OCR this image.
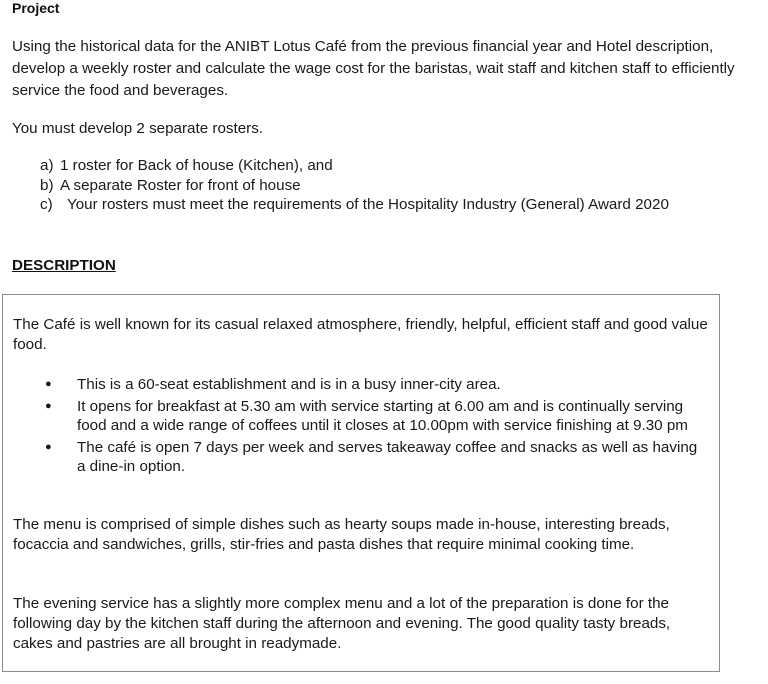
Project

Using the historical data for the ANIBT Lotus Café from the previous financial year and Hotel description, develop a weekly roster and calculate the wage cost for the baristas, wait staff and kitchen staff to efficiently service the food and beverages.

You must develop 2 separate rosters.

a) 1 roster for Back of house (Kitchen), and
b) A separate Roster for front of house
c) Your rosters must meet the requirements of the Hospitality Industry (General) Award 2020
DESCRIPTION

The Café is well known for its casual relaxed atmosphere, friendly, helpful, efficient staff and good value food.

●	This is a 60-seat establishment and is in a busy inner-city area.
●	It opens for breakfast at 5.30 am with service starting at 6.00 am and is continually serving food and a wide range of coffees until it closes at 10.00pm with service finishing at 9.30 pm
●	The café is open 7 days per week and serves takeaway coffee and snacks as well as having a dine-in option.

The menu is comprised of simple dishes such as hearty soups made in-house, interesting breads, focaccia and sandwiches, grills, stir-fries and pasta dishes that require minimal cooking time.

The evening service has a slightly more complex menu and a lot of the preparation is done for the following day by the kitchen staff during the afternoon and evening. The good quality tasty breads, cakes and pastries are all brought in readymade.
